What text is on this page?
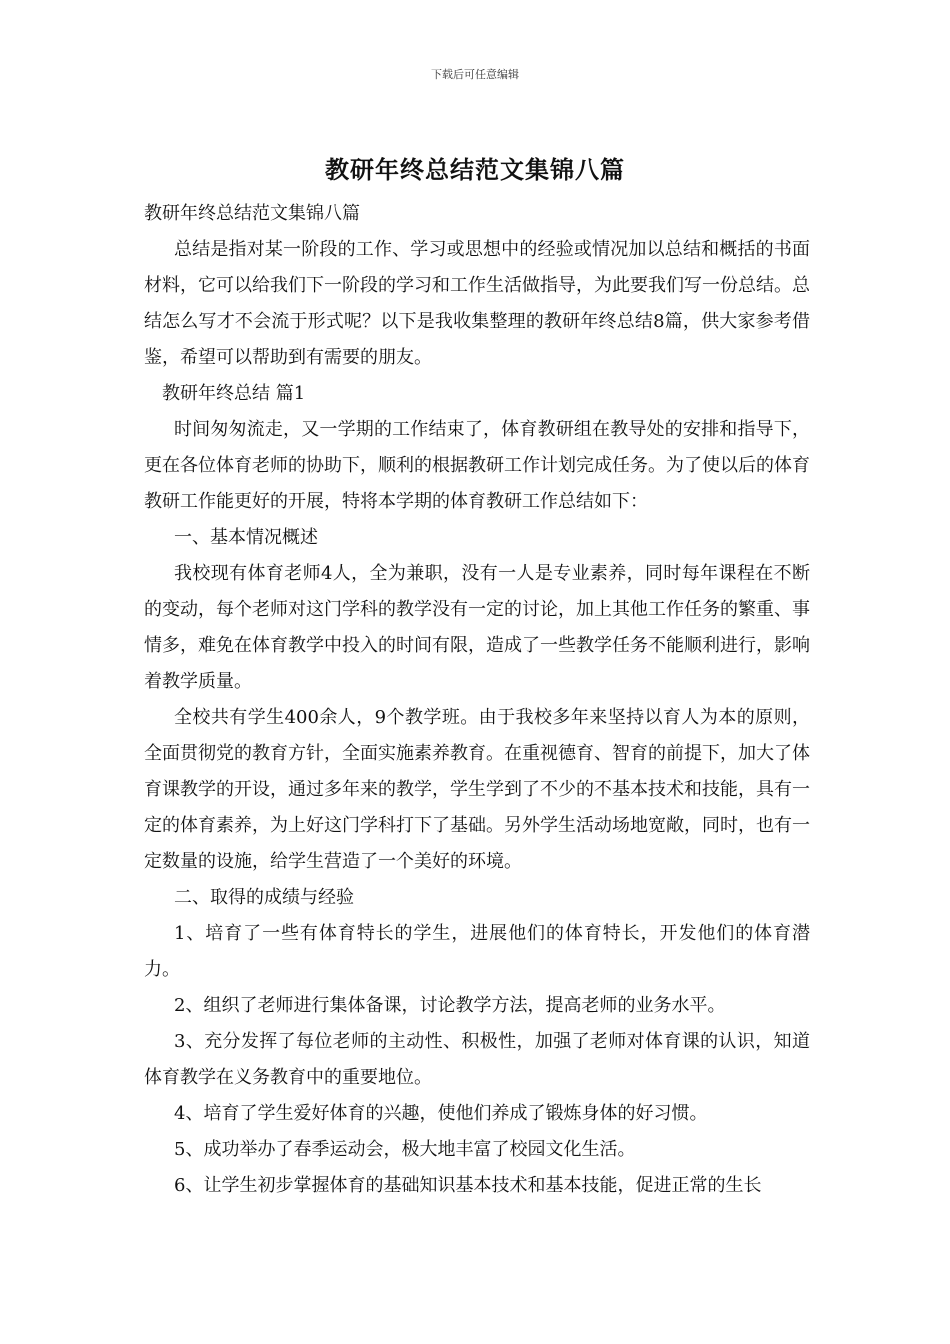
下载后可任意编辑
教研年终总结范文集锦八篇

教研年终总结范文集锦八篇

总结是指对某一阶段的工作、学习或思想中的经验或情况加以总结和概括的书面材料，它可以给我们下一阶段的学习和工作生活做指导，为此要我们写一份总结。总结怎么写才不会流于形式呢？以下是我收集整理的教研年终总结8篇，供大家参考借鉴，希望可以帮助到有需要的朋友。

教研年终总结 篇1

时间匆匆流走，又一学期的工作结束了，体育教研组在教导处的安排和指导下，更在各位体育老师的协助下，顺利的根据教研工作计划完成任务。为了使以后的体育教研工作能更好的开展，特将本学期的体育教研工作总结如下：

一、基本情况概述

我校现有体育老师4人，全为兼职，没有一人是专业素养，同时每年课程在不断的变动，每个老师对这门学科的教学没有一定的讨论，加上其他工作任务的繁重、事情多，难免在体育教学中投入的时间有限，造成了一些教学任务不能顺利进行，影响着教学质量。

全校共有学生400余人，9个教学班。由于我校多年来坚持以育人为本的原则，全面贯彻党的教育方针，全面实施素养教育。在重视德育、智育的前提下，加大了体育课教学的开设，通过多年来的教学，学生学到了不少的不基本技术和技能，具有一定的体育素养，为上好这门学科打下了基础。另外学生活动场地宽敞，同时，也有一定数量的设施，给学生营造了一个美好的环境。

二、取得的成绩与经验

1、培育了一些有体育特长的学生，进展他们的体育特长，开发他们的体育潜力。

2、组织了老师进行集体备课，讨论教学方法，提高老师的业务水平。

3、充分发挥了每位老师的主动性、积极性，加强了老师对体育课的认识，知道体育教学在义务教育中的重要地位。

4、培育了学生爱好体育的兴趣，使他们养成了锻炼身体的好习惯。

5、成功举办了春季运动会，极大地丰富了校园文化生活。

6、让学生初步掌握体育的基础知识基本技术和基本技能，促进正常的生长
